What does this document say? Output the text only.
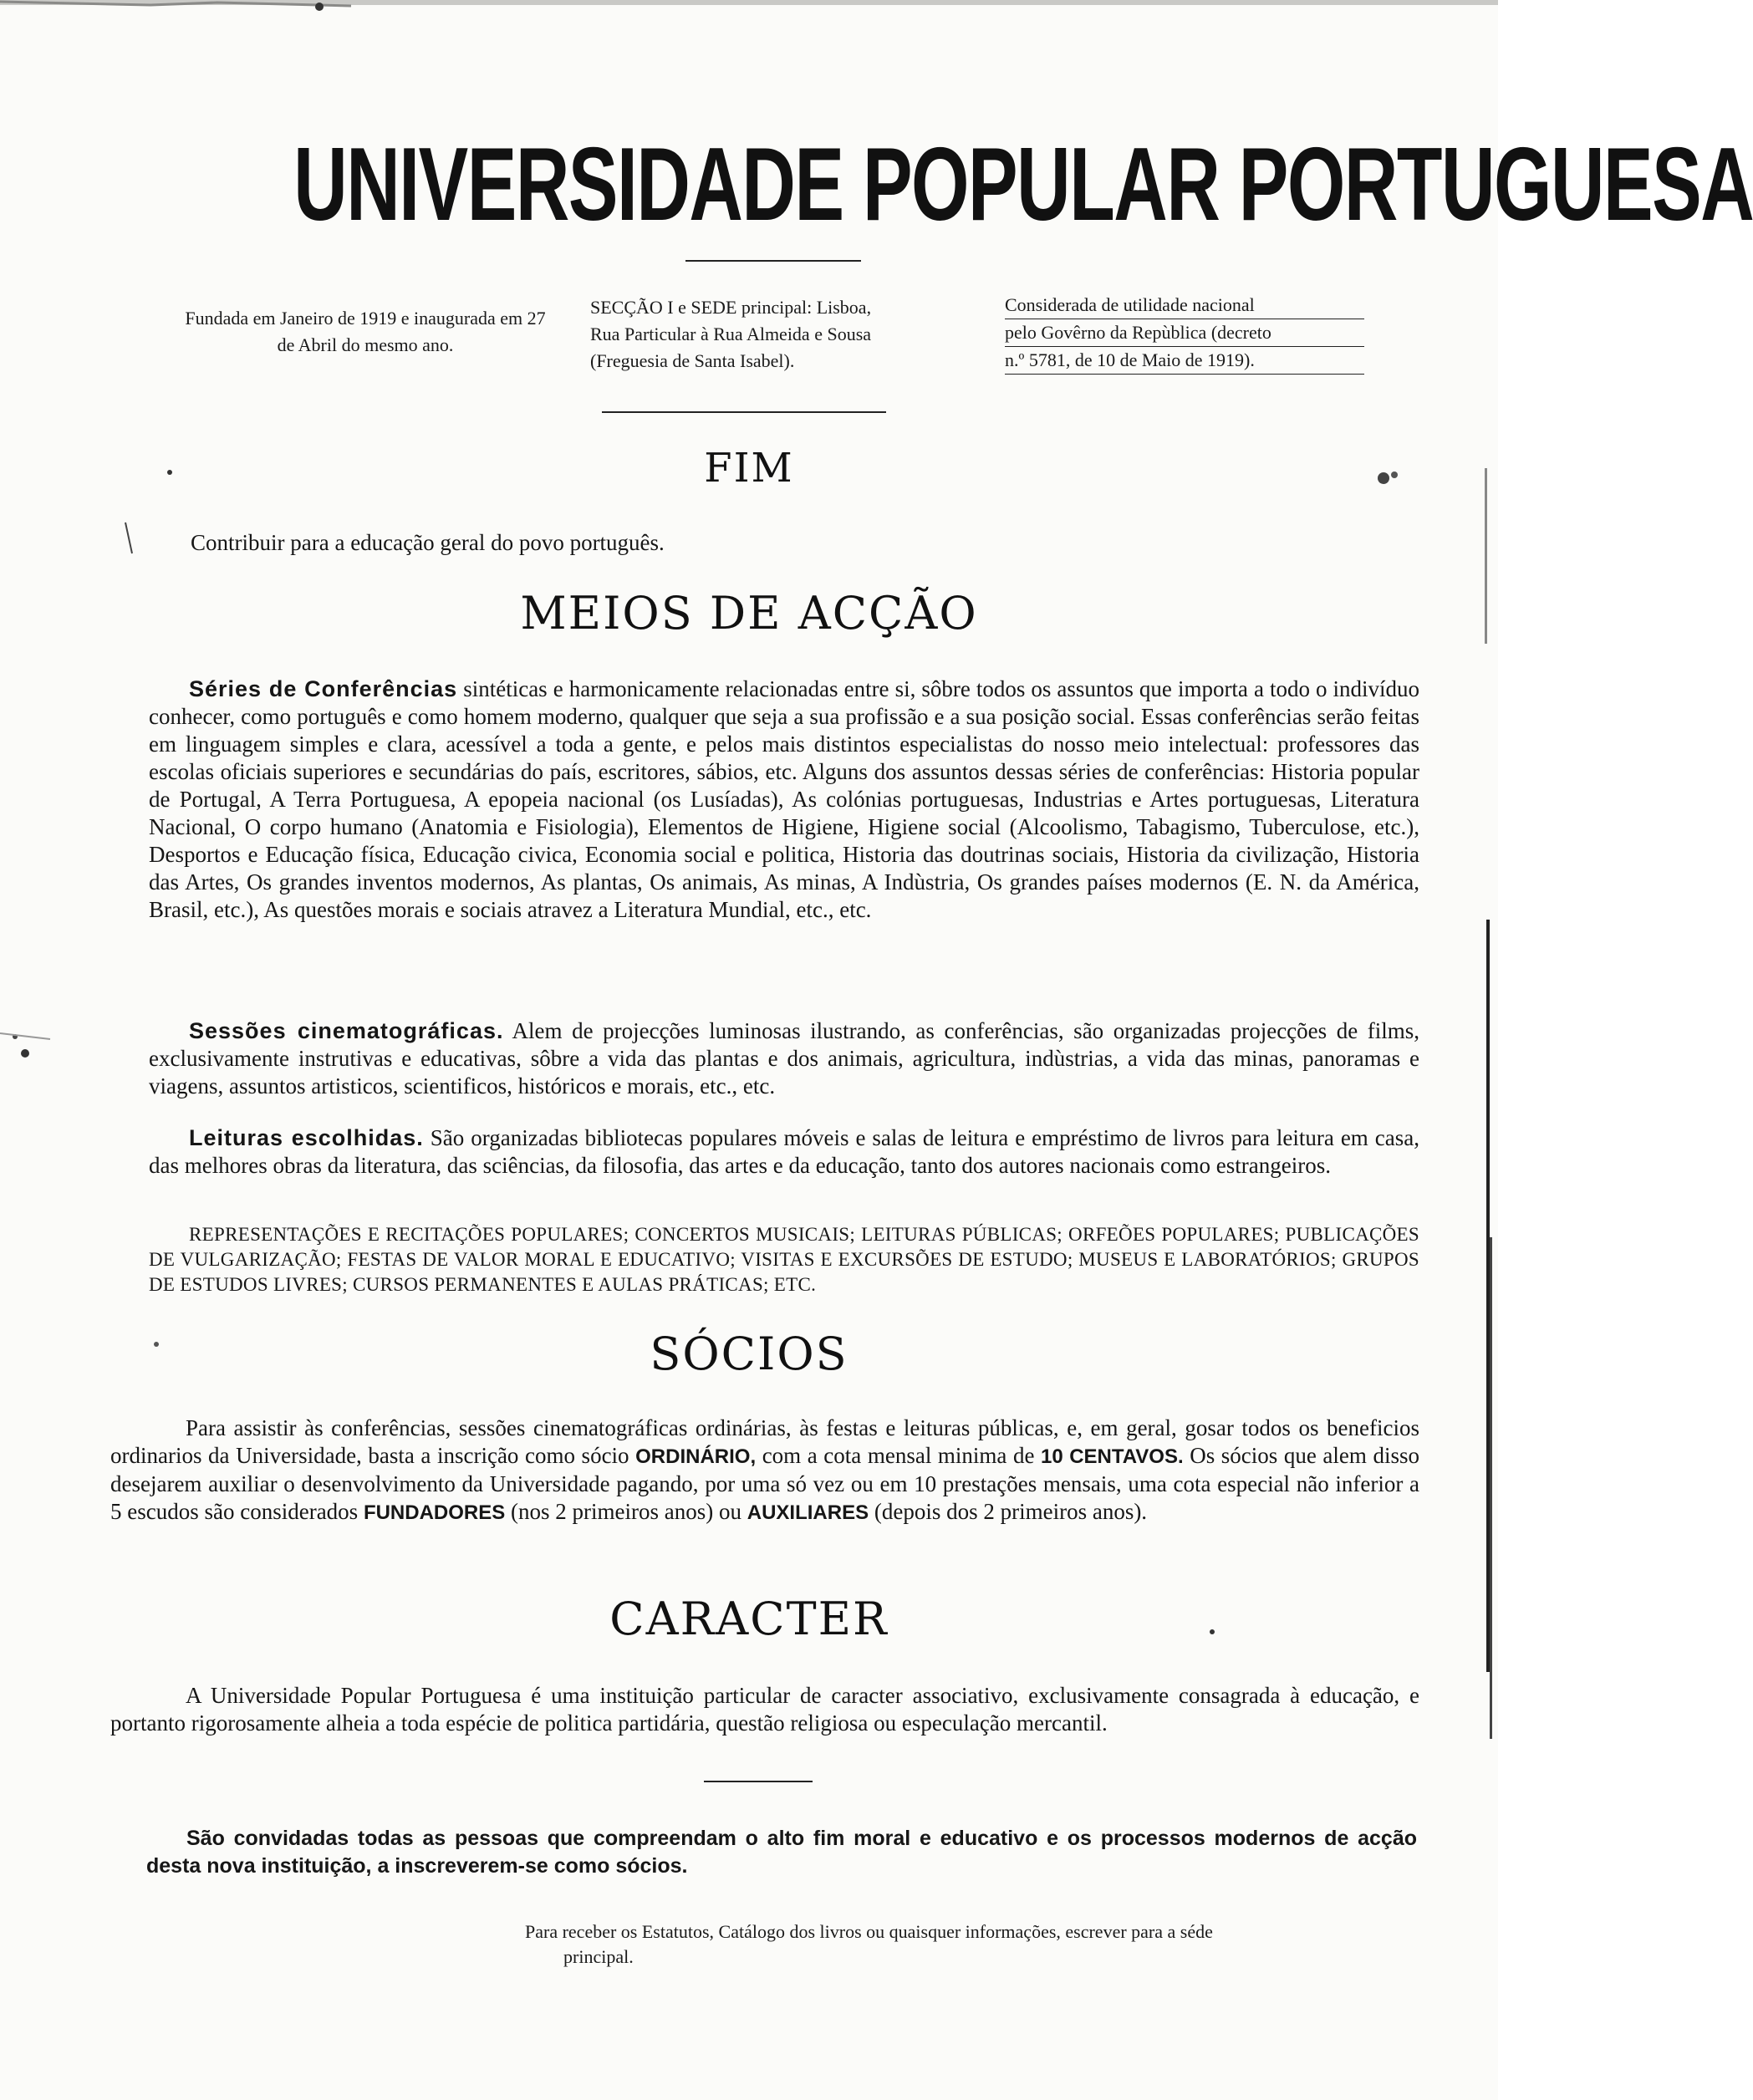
UNIVERSIDADE POPULAR PORTUGUESA
Fundada em Janeiro de 1919 e inaugurada em 27 de Abril do mesmo ano.
SECÇÃO I e SEDE principal: Lisboa,
Rua Particular à Rua Almeida e Sousa
(Freguesia de Santa Isabel).
Considerada de utilidade nacional
pelo Govêrno da Repùblica (decreto
n.º 5781, de 10 de Maio de 1919).
FIM
Contribuir para a educação geral do povo português.
MEIOS DE ACÇÃO
Séries de Conferências sintéticas e harmonicamente relacionadas entre si, sôbre todos os assuntos que importa a todo o indivíduo conhecer, como português e como homem moderno, qualquer que seja a sua profissão e a sua posição social. Essas conferências serão feitas em linguagem simples e clara, acessível a toda a gente, e pelos mais distintos especialistas do nosso meio intelectual: professores das escolas oficiais superiores e secundárias do país, escritores, sábios, etc. Alguns dos assuntos dessas séries de conferências: Historia popular de Portugal, A Terra Portuguesa, A epopeia nacional (os Lusíadas), As colónias portuguesas, Industrias e Artes portuguesas, Literatura Nacional, O corpo humano (Anatomia e Fisiologia), Elementos de Higiene, Higiene social (Alcoolismo, Tabagismo, Tuberculose, etc.), Desportos e Educação física, Educação civica, Economia social e politica, Historia das doutrinas sociais, Historia da civilização, Historia das Artes, Os grandes inventos modernos, As plantas, Os animais, As minas, A Indùstria, Os grandes países modernos (E. N. da América, Brasil, etc.), As questões morais e sociais atravez a Literatura Mundial, etc., etc.
Sessões cinematográficas. Alem de projecções luminosas ilustrando, as conferências, são organizadas projecções de films, exclusivamente instrutivas e educativas, sôbre a vida das plantas e dos animais, agricultura, indùstrias, a vida das minas, panoramas e viagens, assuntos artisticos, scientificos, históricos e morais, etc., etc.
Leituras escolhidas. São organizadas bibliotecas populares móveis e salas de leitura e empréstimo de livros para leitura em casa, das melhores obras da literatura, das sciências, da filosofia, das artes e da educação, tanto dos autores nacionais como estrangeiros.
REPRESENTAÇÕES E RECITAÇÕES POPULARES; CONCERTOS MUSICAIS; LEITURAS PÚBLICAS; ORFEÕES POPULARES; PUBLICAÇÕES DE VULGARIZAÇÃO; FESTAS DE VALOR MORAL E EDUCATIVO; VISITAS E EXCURSÕES DE ESTUDO; MUSEUS E LABORATÓRIOS; GRUPOS DE ESTUDOS LIVRES; CURSOS PERMANENTES E AULAS PRÁTICAS; ETC.
SÓCIOS
Para assistir às conferências, sessões cinematográficas ordinárias, às festas e leituras públicas, e, em geral, gosar todos os beneficios ordinarios da Universidade, basta a inscrição como sócio ORDINÁRIO, com a cota mensal minima de 10 CENTAVOS. Os sócios que alem disso desejarem auxiliar o desenvolvimento da Universidade pagando, por uma só vez ou em 10 prestações mensais, uma cota especial não inferior a 5 escudos são considerados FUNDADORES (nos 2 primeiros anos) ou AUXILIARES (depois dos 2 primeiros anos).
CARACTER
A Universidade Popular Portuguesa é uma instituição particular de caracter associativo, exclusivamente consagrada à educação, e portanto rigorosamente alheia a toda espécie de politica partidária, questão religiosa ou especulação mercantil.
São convidadas todas as pessoas que compreendam o alto fim moral e educativo e os processos modernos de acção desta nova instituição, a inscreverem-se como sócios.
Para receber os Estatutos, Catálogo dos livros ou quaisquer informações, escrever para a séde
principal.
